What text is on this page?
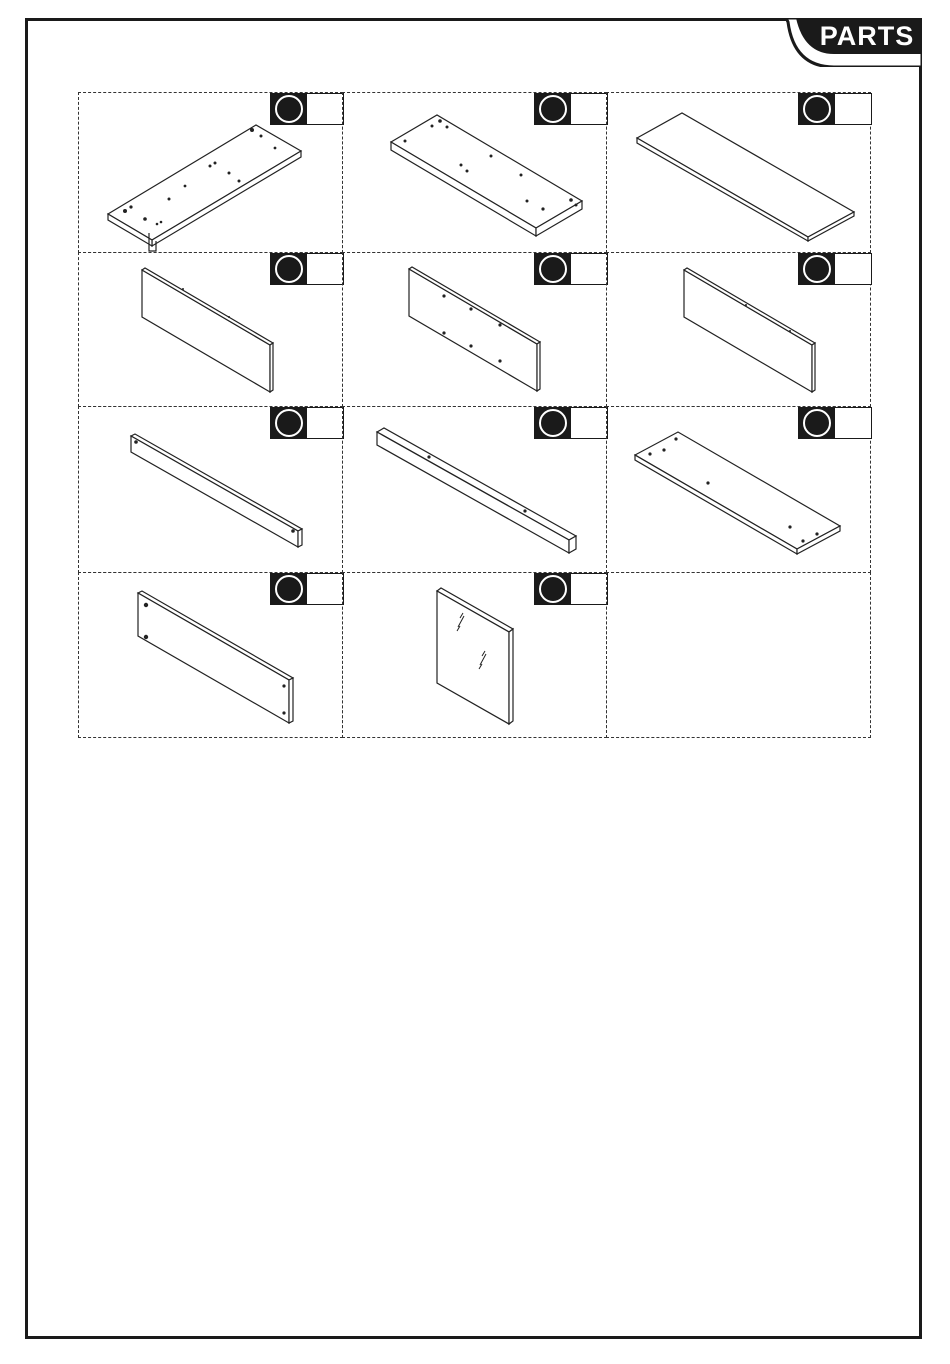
PARTS
